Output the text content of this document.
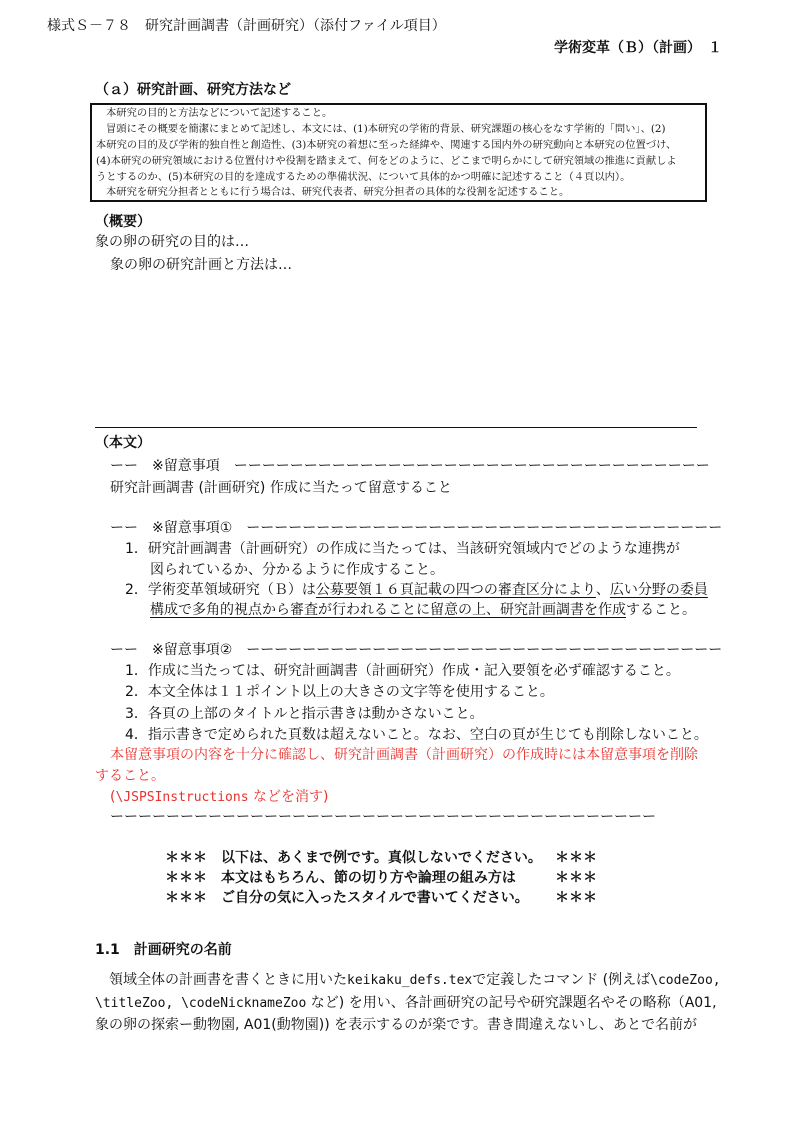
様式Ｓ－７８　研究計画調書（計画研究）（添付ファイル項目）
学術変革（Ｂ）（計画）　１
（ａ）研究計画、研究方法など
本研究の目的と方法などについて記述すること。
冒頭にその概要を簡潔にまとめて記述し、本文には、(1)本研究の学術的背景、研究課題の核心をなす学術的「問い」、(2)
本研究の目的及び学術的独自性と創造性、(3)本研究の着想に至った経緯や、関連する国内外の研究動向と本研究の位置づけ、
(4)本研究の研究領域における位置付けや役割を踏まえて、何をどのように、どこまで明らかにして研究領域の推進に貢献しよ
うとするのか、(5)本研究の目的を達成するための準備状況、について具体的かつ明確に記述すること（４頁以内）。
本研究を研究分担者とともに行う場合は、研究代表者、研究分担者の具体的な役割を記述すること。
（概要）
象の卵の研究の目的は…
象の卵の研究計画と方法は…
（本文）
ーー　※留意事項　ーーーーーーーーーーーーーーーーーーーーーーーーーーーーーーーーーー
研究計画調書 (計画研究) 作成に当たって留意すること
ーー　※留意事項①　ーーーーーーーーーーーーーーーーーーーーーーーーーーーーーーーーーー
1．研究計画調書（計画研究）の作成に当たっては、当該研究領域内でどのような連携が
図られているか、分かるように作成すること。
2．学術変革領域研究（Ｂ）は公募要領１６頁記載の四つの審査区分により、広い分野の委員
構成で多角的視点から審査が行われることに留意の上、研究計画調書を作成すること。
ーー　※留意事項②　ーーーーーーーーーーーーーーーーーーーーーーーーーーーーーーーーーー
1．作成に当たっては、研究計画調書（計画研究）作成・記入要領を必ず確認すること。
2．本文全体は１１ポイント以上の大きさの文字等を使用すること。
3．各頁の上部のタイトルと指示書きは動かさないこと。
4．指示書きで定められた頁数は超えないこと。なお、空白の頁が生じても削除しないこと。
本留意事項の内容を十分に確認し、研究計画調書（計画研究）の作成時には本留意事項を削除
すること。
(\JSPSInstructions などを消す)
ーーーーーーーーーーーーーーーーーーーーーーーーーーーーーーーーーーーーーーー
＊＊＊　以下は、あくまで例です。真似しないでください。 ＊＊＊
＊＊＊　本文はもちろん、節の切り方や論理の組み方は	＊＊＊
＊＊＊　ご自分の気に入ったスタイルで書いてください。 ＊＊＊
1.1　計画研究の名前
　領域全体の計画書を書くときに用いたkeikaku_defs.texで定義したコマンド (例えば\codeZoo,
\titleZoo, \codeNicknameZoo など) を用い、各計画研究の記号や研究課題名やその略称（A01,
象の卵の探索ー動物園, A01(動物園)) を表示するのが楽です。書き間違えないし、あとで名前が
